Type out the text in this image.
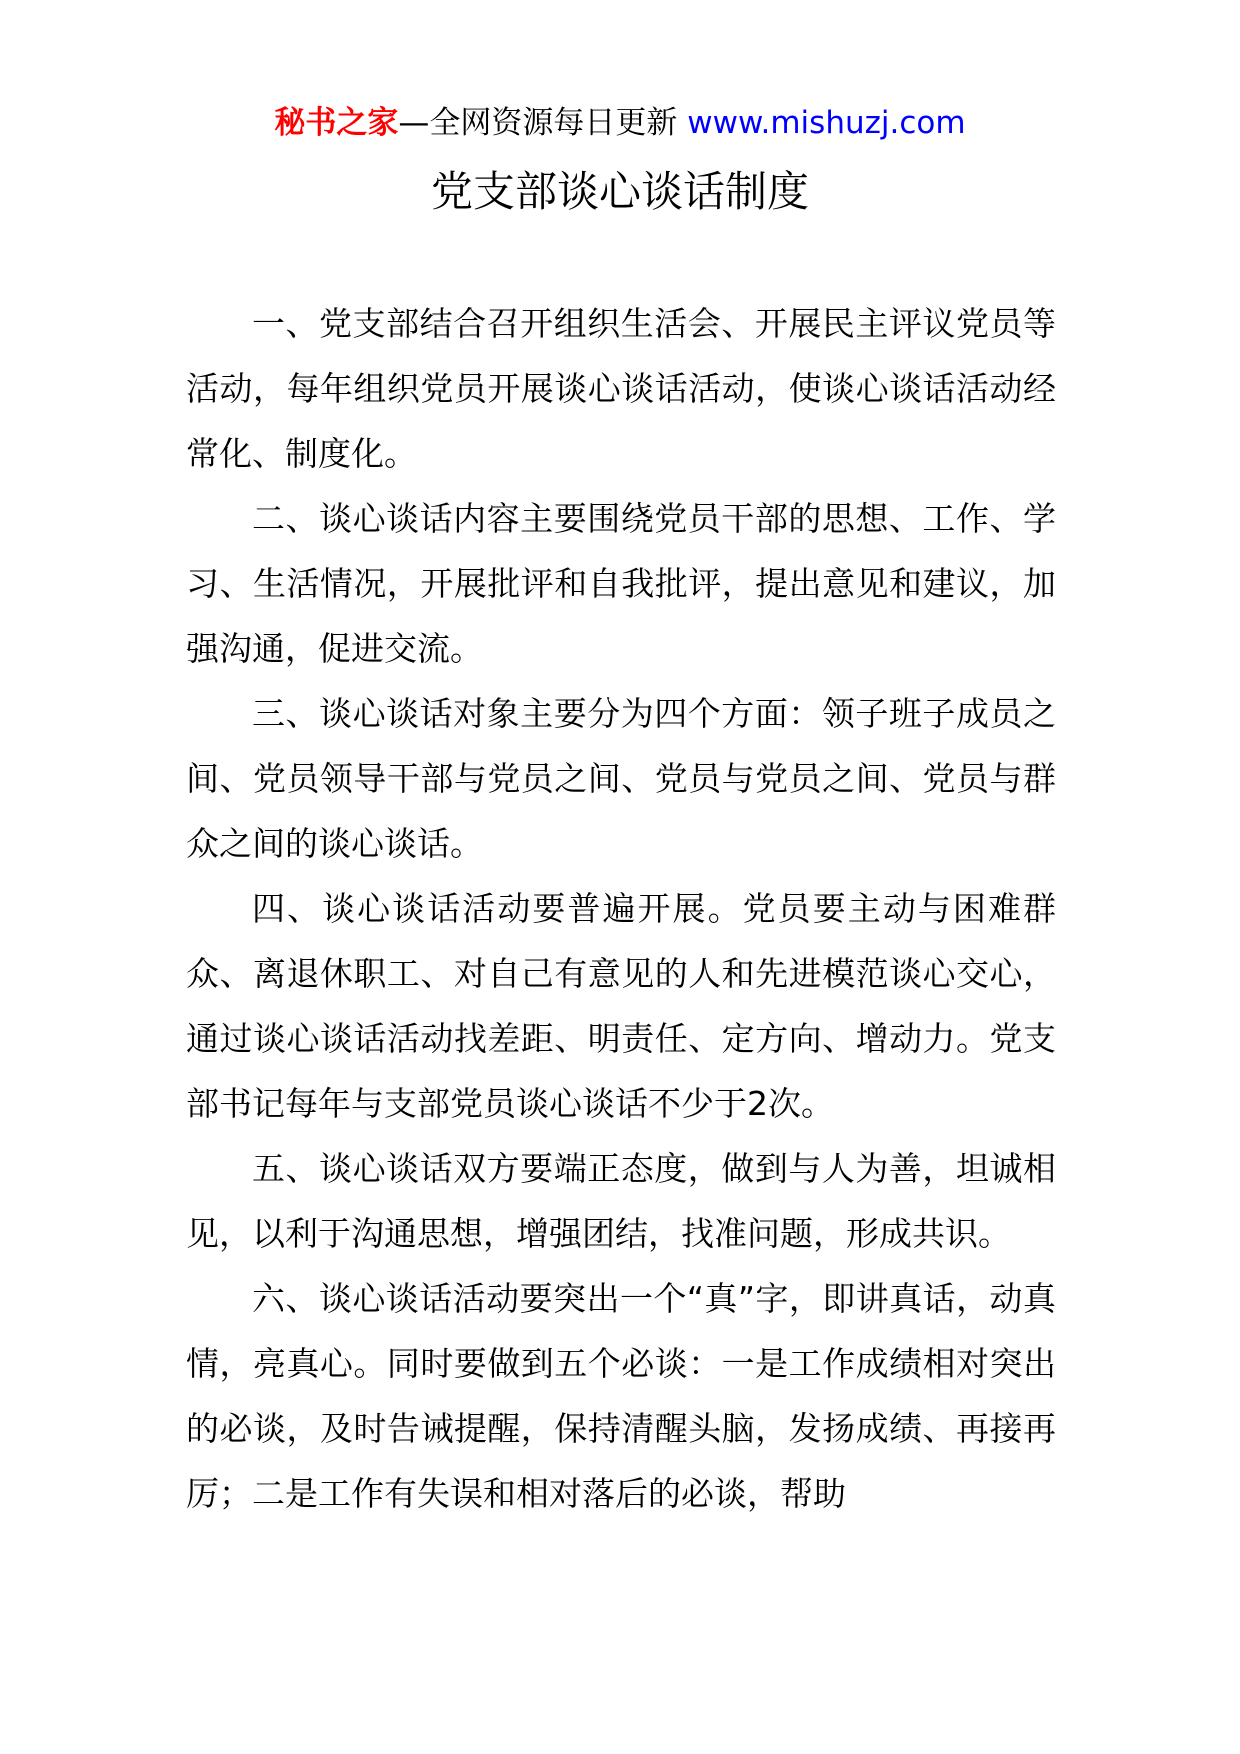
秘书之家—全网资源每日更新 www.mishuzj.com
党支部谈心谈话制度

一、党支部结合召开组织生活会、开展民主评议党员等活动，每年组织党员开展谈心谈话活动，使谈心谈话活动经常化、制度化。

二、谈心谈话内容主要围绕党员干部的思想、工作、学习、生活情况，开展批评和自我批评，提出意见和建议，加强沟通，促进交流。

三、谈心谈话对象主要分为四个方面：领子班子成员之间、党员领导干部与党员之间、党员与党员之间、党员与群众之间的谈心谈话。

四、谈心谈话活动要普遍开展。党员要主动与困难群众、离退休职工、对自己有意见的人和先进模范谈心交心，通过谈心谈话活动找差距、明责任、定方向、增动力。党支部书记每年与支部党员谈心谈话不少于2次。

五、谈心谈话双方要端正态度，做到与人为善，坦诚相见，以利于沟通思想，增强团结，找准问题，形成共识。

六、谈心谈话活动要突出一个“真”字，即讲真话，动真情，亮真心。同时要做到五个必谈：一是工作成绩相对突出的必谈，及时告诫提醒，保持清醒头脑，发扬成绩、再接再厉；二是工作有失误和相对落后的必谈，帮助
